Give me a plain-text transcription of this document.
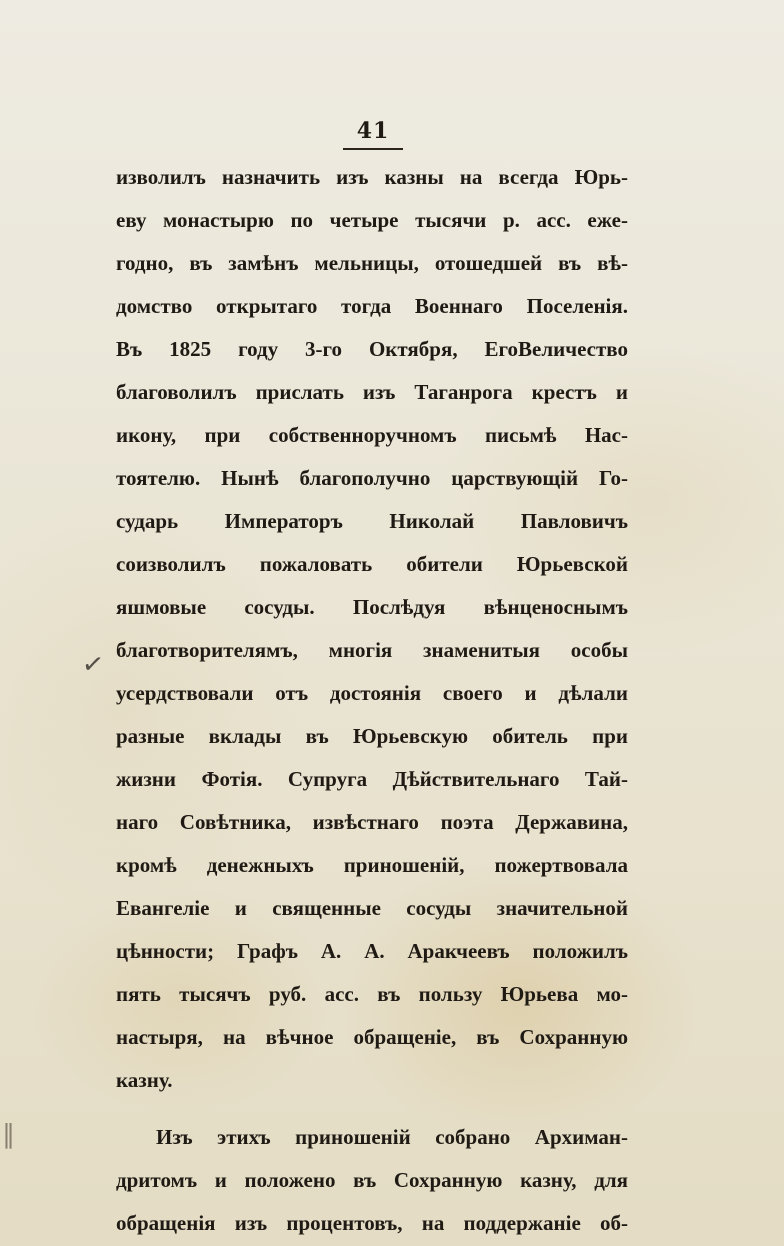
41
✓
∥
изволилъ назначить изъ казны на всегда Юрь-
еву монастырю по четыре тысячи р. асс. еже-
годно, въ замѣнъ мельницы, отошедшей въ вѣ-
домство открытаго тогда Военнаго Поселенія.
Въ 1825 году 3-го Октября, ЕгоВеличество
благоволилъ прислать изъ Таганрога крестъ и
икону, при собственноручномъ письмѣ Нас-
тоятелю. Нынѣ благополучно царствующій Го-
сударь Императоръ Николай Павловичъ
соизволилъ пожаловать обители Юрьевской
яшмовые сосуды. Послѣдуя вѣнценоснымъ
благотворителямъ, многія знаменитыя особы
усердствовали отъ достоянія своего и дѣлали
разные вклады въ Юрьевскую обитель при
жизни Фотія. Супруга Дѣйствительнаго Тай-
наго Совѣтника, извѣстнаго поэта Державина,
кромѣ денежныхъ приношеній, пожертвовала
Евангеліе и священные сосуды значительной
цѣнности; Графъ А. А. Аракчеевъ положилъ
пять тысячъ руб. асс. въ пользу Юрьева мо-
настыря, на вѣчное обращеніе, въ Сохранную
казну.
Изъ этихъ приношеній собрано Архиман-
дритомъ и положено въ Сохранную казну, для
обращенія изъ процентовъ, на поддержаніе об-
